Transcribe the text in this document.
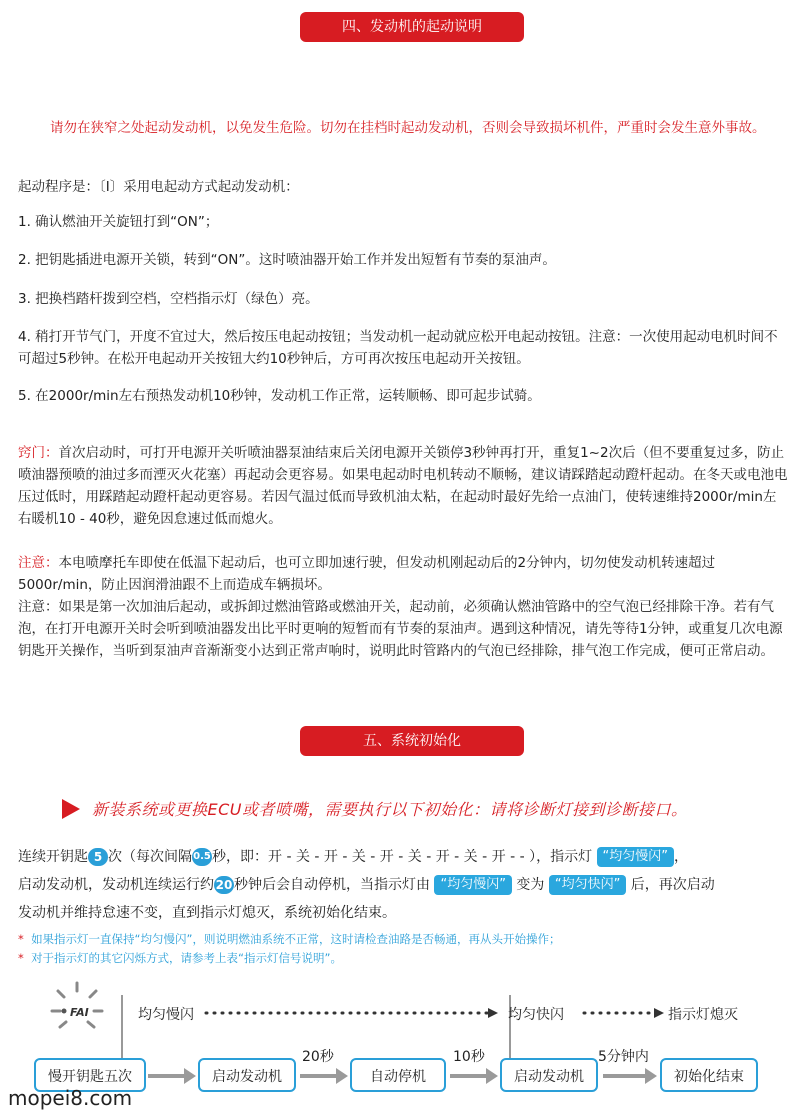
四、发动机的起动说明

请勿在狭窄之处起动发动机，以免发生危险。切勿在挂档时起动发动机，否则会导致损坏机件，严重时会发生意外事故。

起动程序是：〔Ⅰ〕采用电起动方式起动发动机：

1. 确认燃油开关旋钮打到“ON”；

2. 把钥匙插进电源开关锁，转到“ON”。这时喷油器开始工作并发出短暂有节奏的泵油声。

3. 把换档踏杆拨到空档，空档指示灯（绿色）亮。

4. 稍打开节气门，开度不宜过大，然后按压电起动按钮；当发动机一起动就应松开电起动按钮。注意：一次使用起动电机时间不可超过5秒钟。在松开电起动开关按钮大约10秒钟后，方可再次按压电起动开关按钮。

5. 在2000r/min左右预热发动机10秒钟，发动机工作正常，运转顺畅、即可起步试骑。

窍门：首次启动时，可打开电源开关听喷油器泵油结束后关闭电源开关锁停3秒钟再打开，重复1~2次后（但不要重复过多，防止喷油器预喷的油过多而湮灭火花塞）再起动会更容易。如果电起动时电机转动不顺畅，建议请踩踏起动蹬杆起动。在冬天或电池电压过低时，用踩踏起动蹬杆起动更容易。若因气温过低而导致机油太粘，在起动时最好先给一点油门，使转速维持2000r/min左右暖机10 - 40秒，避免因怠速过低而熄火。

注意：本电喷摩托车即使在低温下起动后，也可立即加速行驶，但发动机刚起动后的2分钟内，切勿使发动机转速超过5000r/min，防止因润滑油跟不上而造成车辆损坏。

注意：如果是第一次加油后起动，或拆卸过燃油管路或燃油开关，起动前，必须确认燃油管路中的空气泡已经排除干净。若有气泡，在打开电源开关时会听到喷油器发出比平时更响的短暂而有节奏的泵油声。遇到这种情况，请先等待1分钟，或重复几次电源钥匙开关操作，当听到泵油声音渐渐变小达到正常声响时，说明此时管路内的气泡已经排除，排气泡工作完成，便可正常启动。

五、系统初始化
新装系统或更换ECU或者喷嘴，需要执行以下初始化：请将诊断灯接到诊断接口。
连续开钥匙 5 次（每次间隔0.5秒，即：开 - 关 - 开 - 关 - 开 - 关 - 开 - 关 - 开 - - ），指示灯 “均匀慢闪” ，
启动发动机，发动机连续运行约 20 秒钟后会自动停机，当指示灯由 “均匀慢闪” 变为 “均匀快闪” 后，再次启动
发动机并维持怠速不变，直到指示灯熄灭，系统初始化结束。
* 如果指示灯一直保持“均匀慢闪”，则说明燃油系统不正常，这时请检查油路是否畅通，再从头开始操作；
* 对于指示灯的其它闪烁方式，请参考上表“指示灯信号说明”。
FAI	均匀慢闪	均匀快闪	指示灯熄灭
20秒	10秒	5分钟内
慢开钥匙五次	启动发动机	自动停机	启动发动机	初始化结束
mopei8.com
